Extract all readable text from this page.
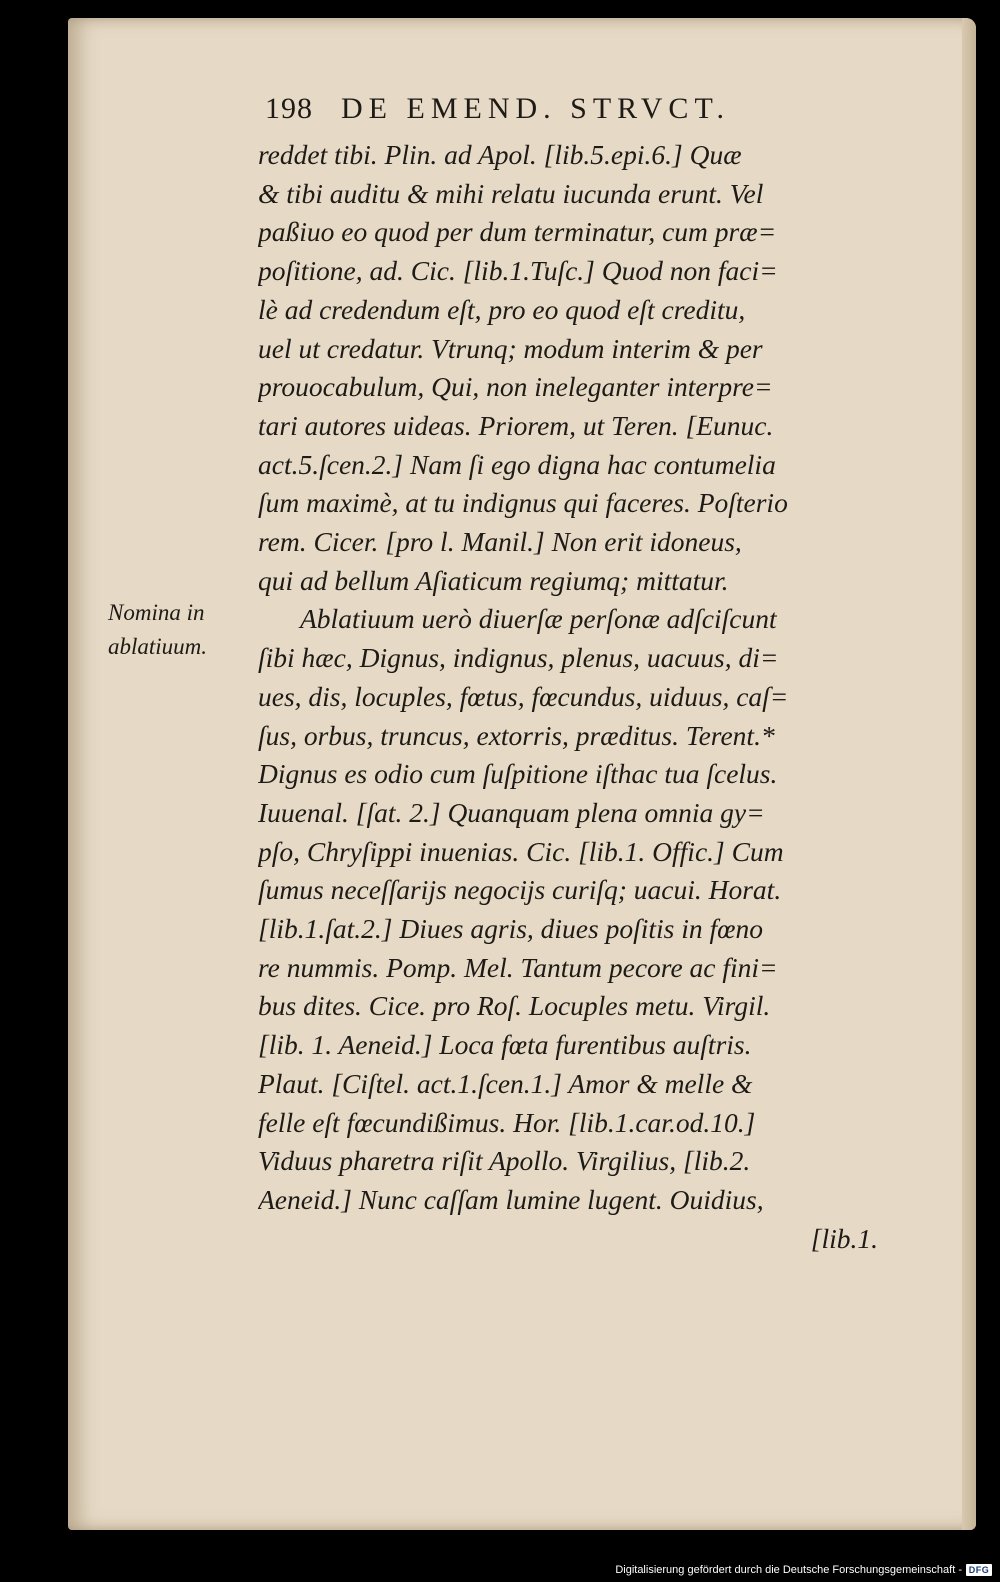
198 DE EMEND. STRVCT.
Nomina in
ablatiuum.
reddet tibi. Plin. ad Apol. [lib.5.epi.6.] Quæ
& tibi auditu & mihi relatu iucunda erunt. Vel
paßiuo eo quod per dum terminatur, cum præ=
poſitione, ad. Cic. [lib.1.Tuſc.] Quod non faci=
lè ad credendum eſt, pro eo quod eſt creditu,
uel ut credatur. Vtrunq; modum interim & per
prouocabulum, Qui, non ineleganter interpre=
tari autores uideas. Priorem, ut Teren. [Eunuc.
act.5.ſcen.2.] Nam ſi ego digna hac contumelia
ſum maximè, at tu indignus qui faceres. Poſterio
rem. Cicer. [pro l. Manil.] Non erit idoneus,
qui ad bellum Aſiaticum regiumq; mittatur.
Ablatiuum uerò diuerſæ perſonæ adſciſcunt
ſibi hæc, Dignus, indignus, plenus, uacuus, di=
ues, dis, locuples, fœtus, fœcundus, uiduus, caſ=
ſus, orbus, truncus, extorris, præditus. Terent.*
Dignus es odio cum ſuſpitione iſthac tua ſcelus.
Iuuenal. [ſat. 2.] Quanquam plena omnia gy=
pſo, Chryſippi inuenias. Cic. [lib.1. Offic.] Cum
ſumus neceſſarijs negocijs curiſq; uacui. Horat.
[lib.1.ſat.2.] Diues agris, diues poſitis in fœno
re nummis. Pomp. Mel. Tantum pecore ac fini=
bus dites. Cice. pro Roſ. Locuples metu. Virgil.
[lib. 1. Aeneid.] Loca fœta furentibus auſtris.
Plaut. [Ciſtel. act.1.ſcen.1.] Amor & melle &
felle eſt fœcundißimus. Hor. [lib.1.car.od.10.]
Viduus pharetra riſit Apollo. Virgilius, [lib.2.
Aeneid.] Nunc caſſam lumine lugent. Ouidius,
[lib.1.
Digitalisierung gefördert durch die Deutsche Forschungsgemeinschaft - DFG
